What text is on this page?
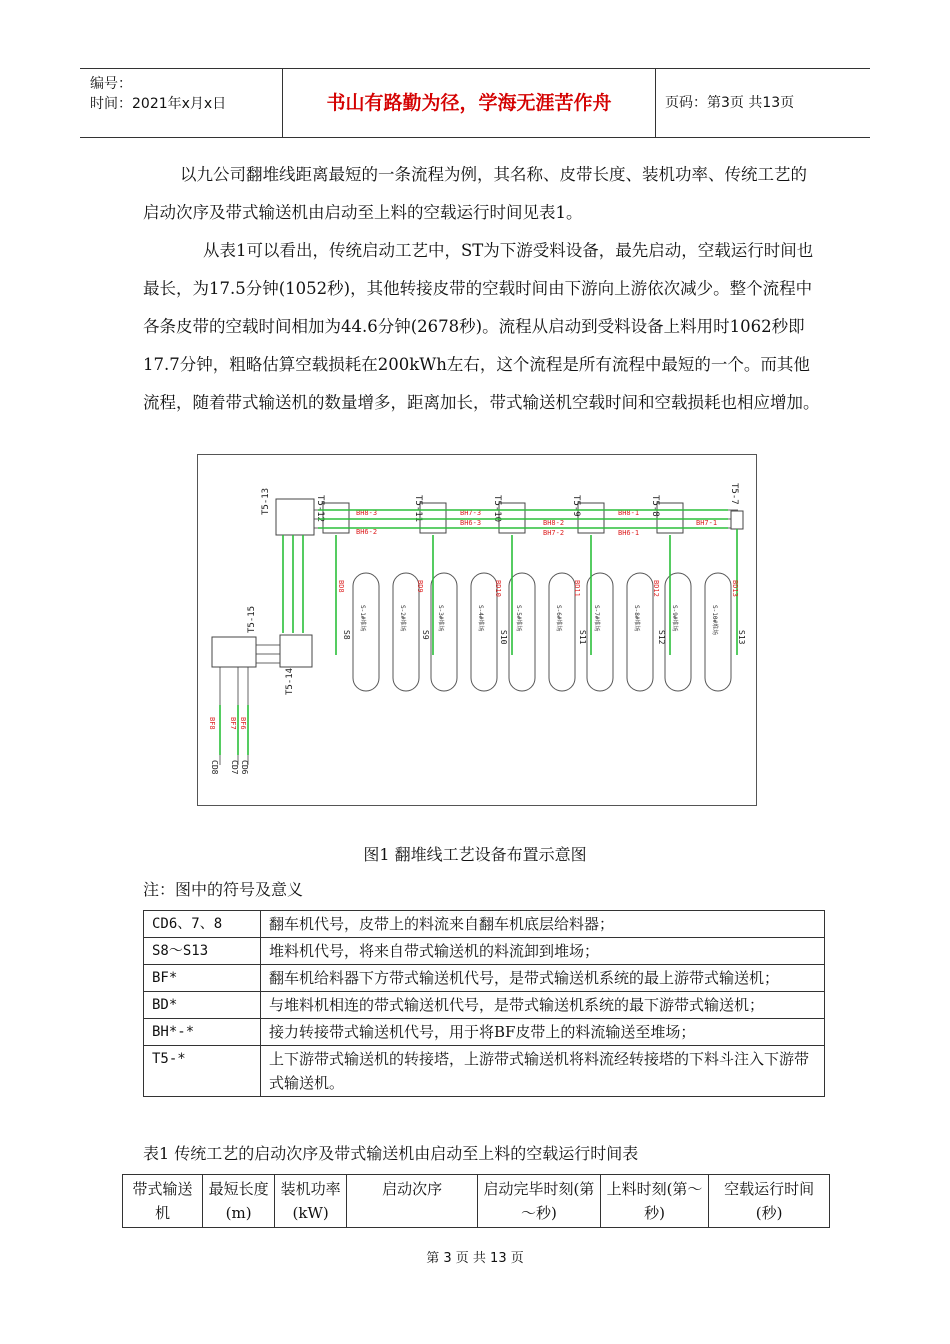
编号：
时间：2021年x月x日	书山有路勤为径，学海无涯苦作舟	页码：第3页 共13页

以九公司翻堆线距离最短的一条流程为例，其名称、皮带长度、装机功率、传统工艺的启动次序及带式输送机由启动至上料的空载运行时间见表1。

从表1可以看出，传统启动工艺中，ST为下游受料设备，最先启动，空载运行时间也最长，为17.5分钟(1052秒)，其他转接皮带的空载时间由下游向上游依次减少。整个流程中各条皮带的空载时间相加为44.6分钟(2678秒)。流程从启动到受料设备上料用时1062秒即17.7分钟，粗略估算空载损耗在200kWh左右，这个流程是所有流程中最短的一个。而其他流程，随着带式输送机的数量增多，距离加长，带式输送机空载时间和空载损耗也相应增加。

T5-12	T5-11	T5-10	T5-9	T5-8
T5-7
T5-13
T5-15
T5-14
BH8-3	BH7-3
BH6-3	BH8-2
BH7-2
BH6-2
BH8-1
BH7-1
BH6-1
S8	S9	S10	S11	S12	S13
BD8	BD9	BD10	BD11	BD12	BD13
BF8 BF7 BF6
S-1#堆场	S-2#堆场	S-3#堆场	S-4#堆场	S-5#堆场	S-6#堆场	S-7#堆场	S-8#堆场	S-9#堆场	S-10#堆场
CD8 CD7 CD6
图1 翻堆线工艺设备布置示意图
注：图中的符号及意义
CD6、7、8	翻车机代号，皮带上的料流来自翻车机底层给料器；
S8～S13	堆料机代号，将来自带式输送机的料流卸到堆场；
BF*	翻车机给料器下方带式输送机代号，是带式输送机系统的最上游带式输送机；
BD*	与堆料机相连的带式输送机代号，是带式输送机系统的最下游带式输送机；
BH*-*	接力转接带式输送机代号，用于将BF皮带上的料流输送至堆场；
T5-*	上下游带式输送机的转接塔，上游带式输送机将料流经转接塔的下料斗注入下游带式输送机。
表1 传统工艺的启动次序及带式输送机由启动至上料的空载运行时间表
带式输送机	最短长度(m)	装机功率(kW)	启动次序	启动完毕时刻(第～秒)	上料时刻(第～秒)	空载运行时间(秒)
第 3 页 共 13 页
